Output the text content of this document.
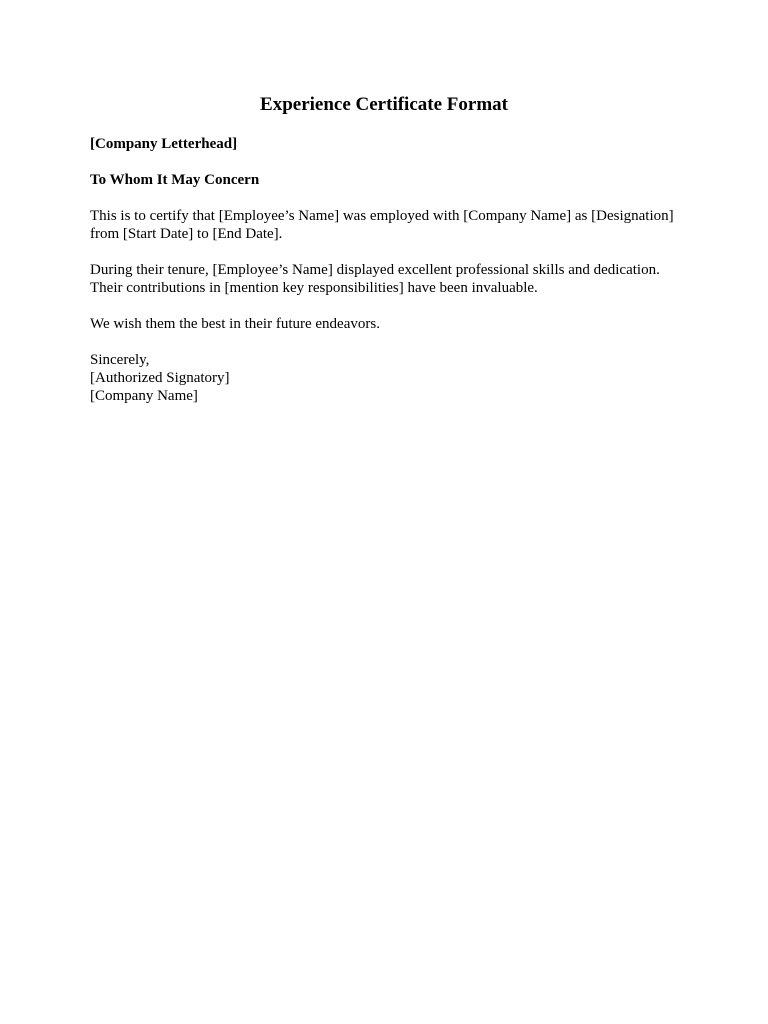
Experience Certificate Format
[Company Letterhead]
To Whom It May Concern
This is to certify that [Employee’s Name] was employed with [Company Name] as [Designation]
from [Start Date] to [End Date].
During their tenure, [Employee’s Name] displayed excellent professional skills and dedication.
Their contributions in [mention key responsibilities] have been invaluable.
We wish them the best in their future endeavors.
Sincerely,
[Authorized Signatory]
[Company Name]
